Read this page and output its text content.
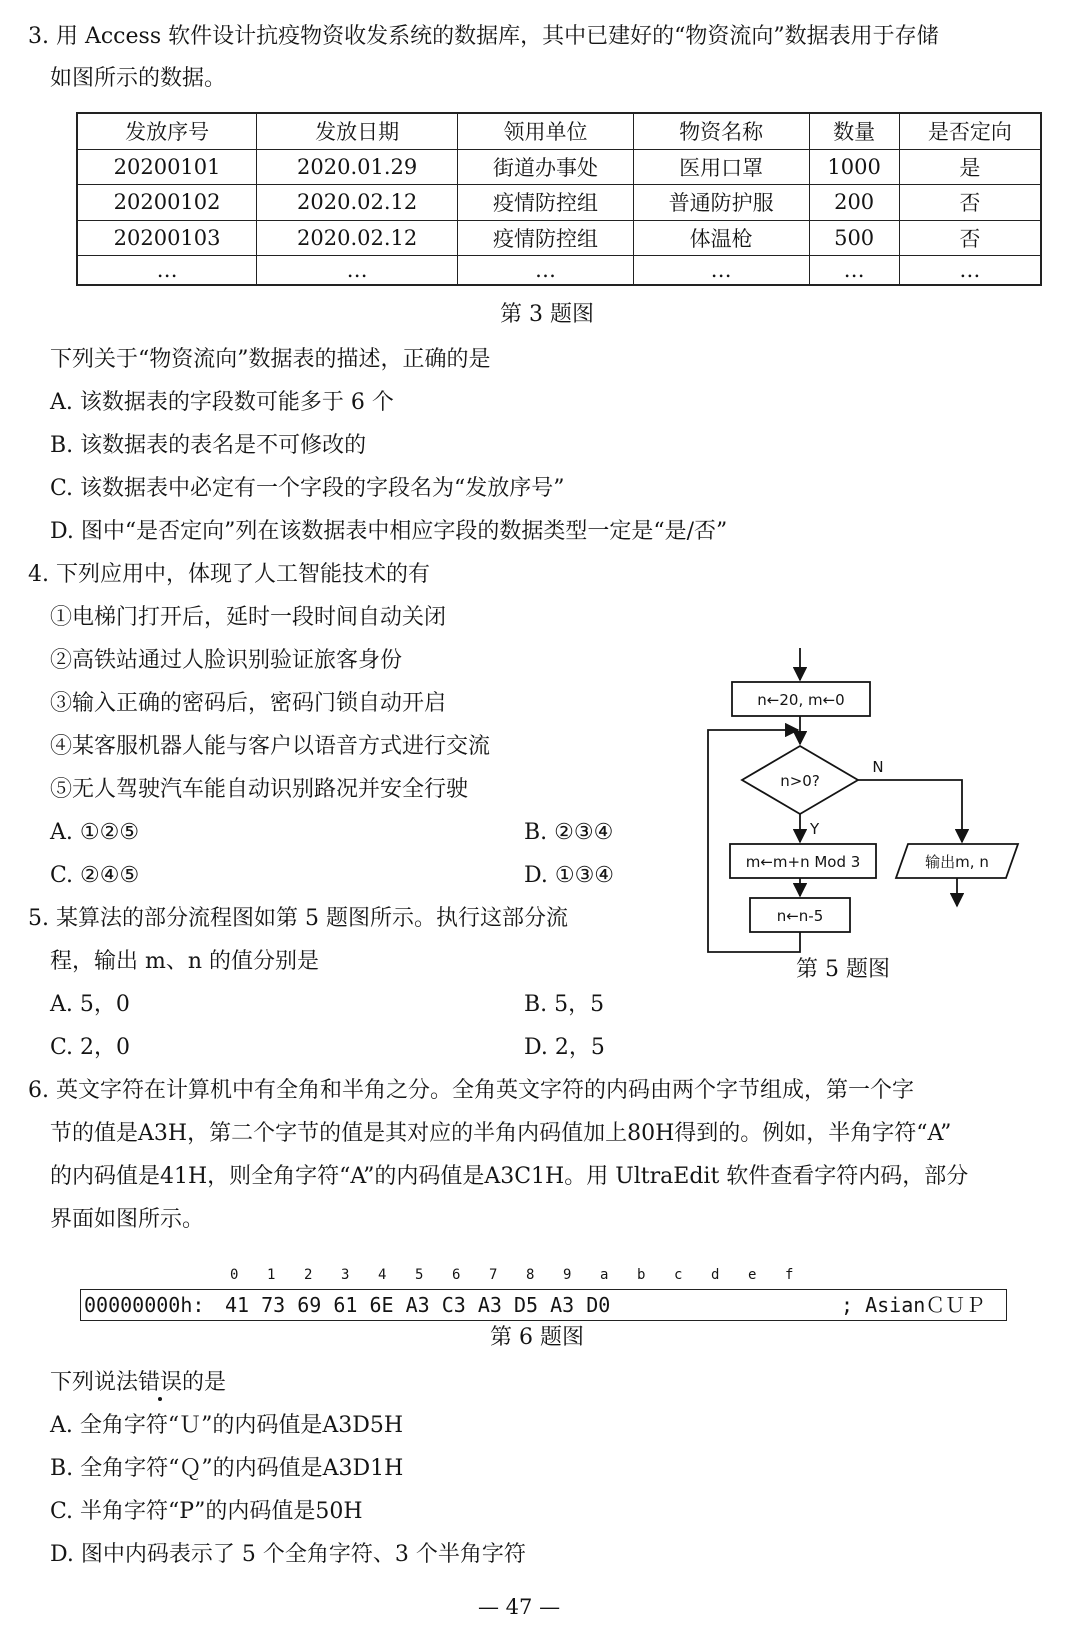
3. 用 Access 软件设计抗疫物资收发系统的数据库，其中已建好的“物资流向”数据表用于存储
如图所示的数据。
发放序号	发放日期	领用单位	物资名称	数量	是否定向
20200101	2020.01.29	街道办事处	医用口罩	1000	是
20200102	2020.02.12	疫情防控组	普通防护服	200	否
20200103	2020.02.12	疫情防控组	体温枪	500	否
…	…	…	…	…	…
第 3 题图
下列关于“物资流向”数据表的描述，正确的是
A. 该数据表的字段数可能多于 6 个
B. 该数据表的表名是不可修改的
C. 该数据表中必定有一个字段的字段名为“发放序号”
D. 图中“是否定向”列在该数据表中相应字段的数据类型一定是“是/否”
4. 下列应用中，体现了人工智能技术的有
①电梯门打开后，延时一段时间自动关闭
②高铁站通过人脸识别验证旅客身份
③输入正确的密码后，密码门锁自动开启
④某客服机器人能与客户以语音方式进行交流
⑤无人驾驶汽车能自动识别路况并安全行驶
A. ①②⑤	B. ②③④
C. ②④⑤	D. ①③④
5. 某算法的部分流程图如第 5 题图所示。执行这部分流
程，输出 m、n 的值分别是
A. 5，0	B. 5，5
C. 2，0	D. 2，5
n←20, m←0
n>0?
N
Y
m←m+n Mod 3
n←n-5
输出m, n
第 5 题图
6. 英文字符在计算机中有全角和半角之分。全角英文字符的内码由两个字节组成，第一个字
节的值是A3H，第二个字节的值是其对应的半角内码值加上80H得到的。例如，半角字符“A”
的内码值是41H，则全角字符“A”的内码值是A3C1H。用 UltraEdit 软件查看字符内码，部分
界面如图所示。
0 1 2 3 4 5 6 7 8 9 a b c d e f
00000000h: 41 73 69 61 6E A3 C3 A3 D5 A3 D0	; AsianＣＵＰ
第 6 题图
下列说法错误的是
A. 全角字符“Ｕ”的内码值是A3D5H
B. 全角字符“Ｑ”的内码值是A3D1H
C. 半角字符“P”的内码值是50H
D. 图中内码表示了 5 个全角字符、3 个半角字符
— 47 —
